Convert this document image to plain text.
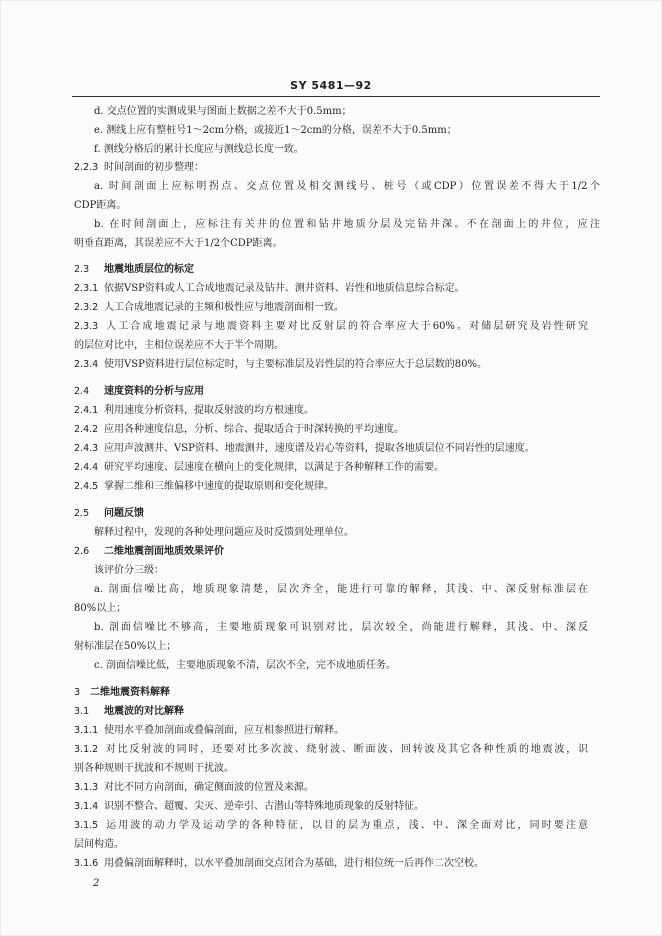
SY 5481—92
d. 交点位置的实测成果与图面上数据之差不大于0.5mm；
e. 测线上应有整桩号1～2cm分格，或接近1～2cm的分格，误差不大于0.5mm；
f. 测线分格后的累计长度应与测线总长度一致。
2.2.3 时间剖面的初步整理：
a. 时间剖面上应标明拐点、交点位置及相交测线号、桩号（或CDP）位置误差不得大于1/2个
CDP距离。
b. 在时间剖面上，应标注有关井的位置和钻井地质分层及完钻井深。不在剖面上的井位，应注
明垂直距离，其误差应不大于1/2个CDP距离。
2.3 地震地质层位的标定
2.3.1 依据VSP资料或人工合成地震记录及钻井、测井资料、岩性和地质信息综合标定。
2.3.2 人工合成地震记录的主频和极性应与地震剖面相一致。
2.3.3 人工合成地震记录与地震资料主要对比反射层的符合率应大于60%。对储层研究及岩性研究
的层位对比中，主相位误差应不大于半个周期。
2.3.4 使用VSP资料进行层位标定时，与主要标准层及岩性层的符合率应大于总层数的80%。
2.4 速度资料的分析与应用
2.4.1 利用速度分析资料，提取反射波的均方根速度。
2.4.2 应用各种速度信息，分析、综合、提取适合于时深转换的平均速度。
2.4.3 应用声波测井、VSP资料、地震测井，速度谱及岩心等资料，提取各地质层位不同岩性的层速度。
2.4.4 研究平均速度、层速度在横向上的变化规律，以满足于各种解释工作的需要。
2.4.5 掌握二维和三维偏移中速度的提取原则和变化规律。
2.5 问题反馈
解释过程中，发现的各种处理问题应及时反馈到处理单位。
2.6 二维地震剖面地质效果评价
该评价分三级：
a. 剖面信噪比高，地质现象清楚，层次齐全，能进行可靠的解释，其浅、中、深反射标准层在
80%以上；
b. 剖面信噪比不够高，主要地质现象可识别对比，层次较全，尚能进行解释，其浅、中、深反
射标准层在50%以上；
c. 剖面信噪比低，主要地质现象不清，层次不全，完不成地质任务。
3 二维地震资料解释
3.1 地震波的对比解释
3.1.1 使用水平叠加剖面或叠偏剖面，应互相参照进行解释。
3.1.2 对比反射波的同时，还要对比多次波、绕射波、断面波、回转波及其它各种性质的地震波，识
别各种规则干扰波和不规则干扰波。
3.1.3 对比不同方向剖面，确定侧面波的位置及来源。
3.1.4 识别不整合、超覆、尖灭、逆牵引、古潜山等特殊地质现象的反射特征。
3.1.5 运用波的动力学及运动学的各种特征，以目的层为重点，浅、中、深全面对比，同时要注意
层间构造。
3.1.6 用叠偏剖面解释时，以水平叠加剖面交点闭合为基础，进行相位统一后再作二次空校。
2
